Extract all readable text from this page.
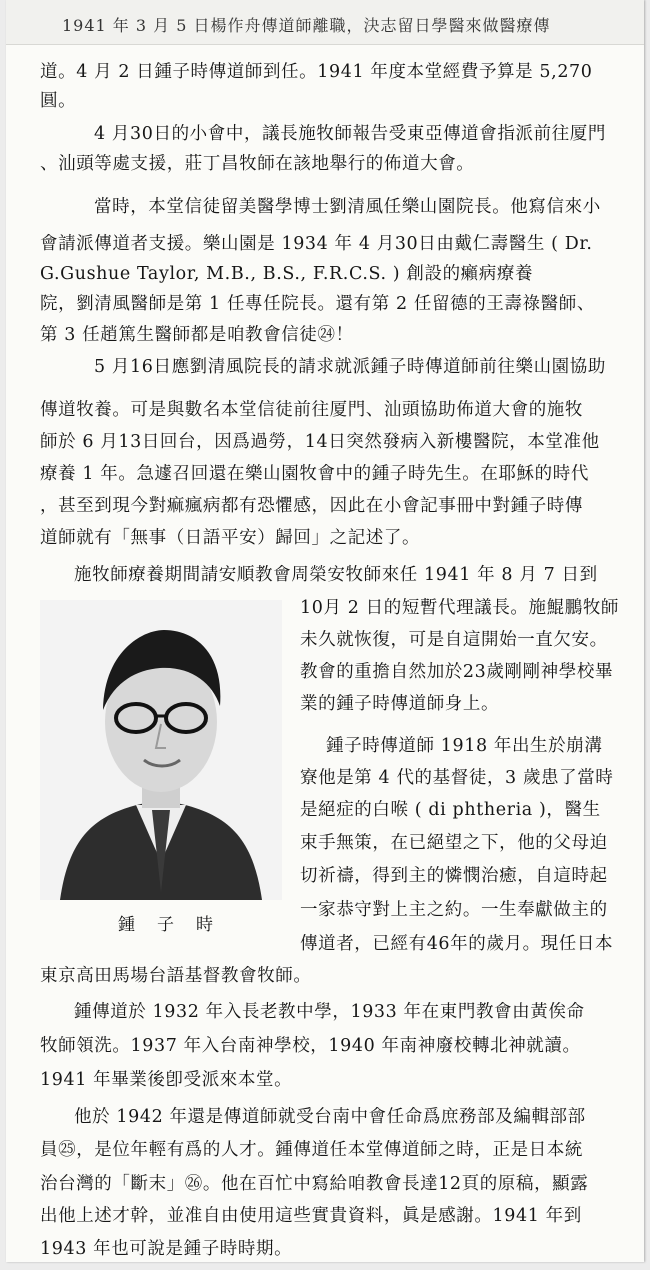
1941 年 3 月 5 日楊作舟傳道師離職，決志留日學醫來做醫療傳
道。4 月 2 日鍾子時傳道師到任。1941 年度本堂經費予算是 5,270
圓。
4 月30日的小會中，議長施牧師報告受東亞傳道會指派前往厦門
、汕頭等處支援，莊丁昌牧師在該地舉行的佈道大會。
當時，本堂信徒留美醫學博士劉清風任樂山園院長。他寫信來小
會請派傳道者支援。樂山園是 1934 年 4 月30日由戴仁壽醫生 ( Dr.
G.Gushue Taylor, M.B., B.S., F.R.C.S. ) 創設的癩病療養
院，劉清風醫師是第 1 任專任院長。還有第 2 任留德的王壽祿醫師、
第 3 任趙篤生醫師都是咱教會信徒㉔！
5 月16日應劉清風院長的請求就派鍾子時傳道師前往樂山園協助
傳道牧養。可是與數名本堂信徒前往厦門、汕頭協助佈道大會的施牧
師於 6 月13日回台，因爲過勞，14日突然發病入新樓醫院，本堂准他
療養 1 年。急遽召回還在樂山園牧會中的鍾子時先生。在耶穌的時代
，甚至到現今對痲瘋病都有恐懼感，因此在小會記事冊中對鍾子時傳
道師就有「無事（日語平安）歸回」之記述了。
施牧師療養期間請安順教會周榮安牧師來任 1941 年 8 月 7 日到
鍾子時
10月 2 日的短暫代理議長。施鯤鵬牧師
未久就恢復，可是自這開始一直欠安。
教會的重擔自然加於23歲剛剛神學校畢
業的鍾子時傳道師身上。
鍾子時傳道師 1918 年出生於崩溝
寮他是第 4 代的基督徒，3 歲患了當時
是絕症的白喉 ( di phtheria )，醫生
束手無策，在已絕望之下，他的父母迫
切祈禱，得到主的憐憫治癒，自這時起
一家恭守對上主之約。一生奉獻做主的
傳道者，已經有46年的歲月。現任日本
東京高田馬場台語基督教會牧師。
鍾傳道於 1932 年入長老教中學，1933 年在東門教會由黃俟命
牧師領洗。1937 年入台南神學校，1940 年南神廢校轉北神就讀。
1941 年畢業後卽受派來本堂。
他於 1942 年還是傳道師就受台南中會任命爲庶務部及編輯部部
員㉕，是位年輕有爲的人才。鍾傳道任本堂傳道師之時，正是日本統
治台灣的「斷末」㉖。他在百忙中寫給咱教會長達12頁的原稿，顯露
出他上述才幹，並准自由使用這些實貴資料，眞是感謝。1941 年到
1943 年也可說是鍾子時時期。
